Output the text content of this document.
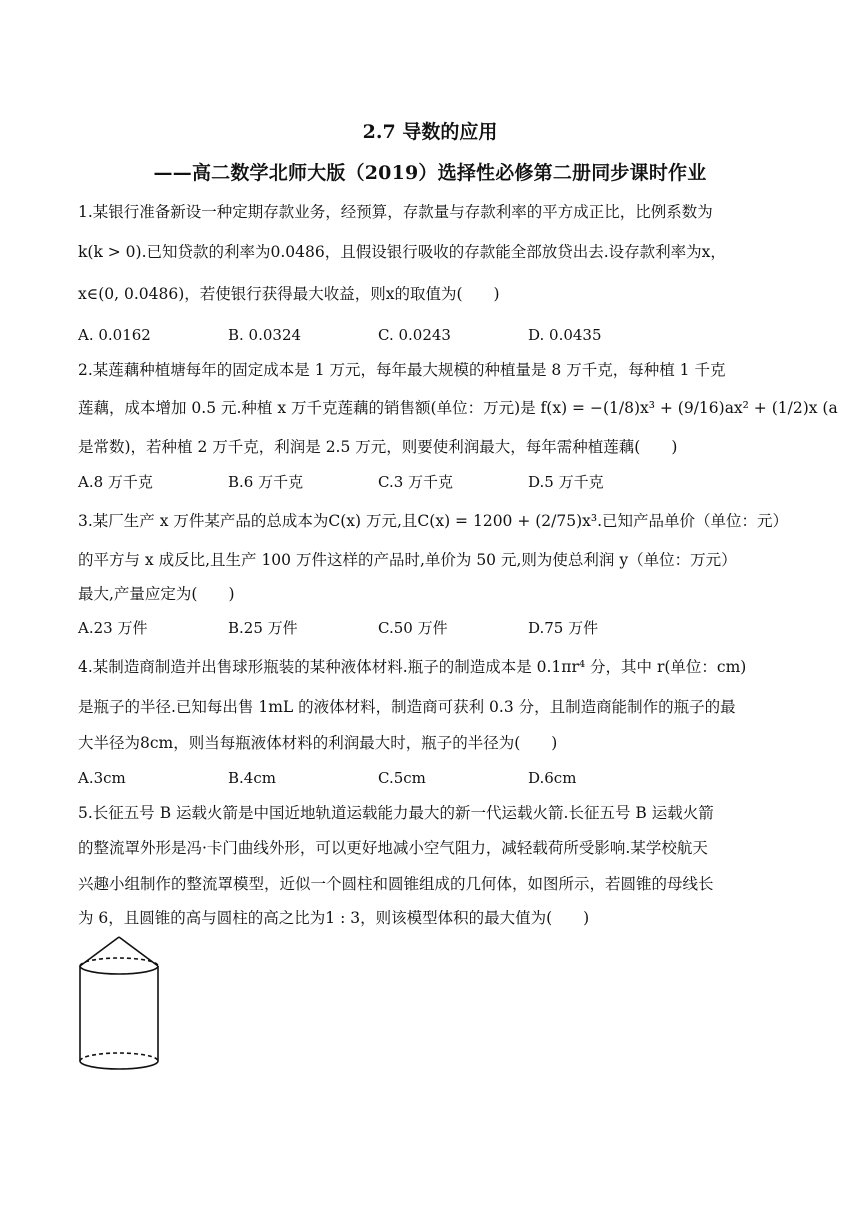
2.7 导数的应用
——高二数学北师大版（2019）选择性必修第二册同步课时作业
1.某银行准备新设一种定期存款业务，经预算，存款量与存款利率的平方成正比，比例系数为
k(k > 0).已知贷款的利率为0.0486，且假设银行吸收的存款能全部放贷出去.设存款利率为x，
x∈(0, 0.0486)，若使银行获得最大收益，则x的取值为(　　)
A. 0.0162	B. 0.0324	C. 0.0243	D. 0.0435
2.某莲藕种植塘每年的固定成本是 1 万元，每年最大规模的种植量是 8 万千克，每种植 1 千克
莲藕，成本增加 0.5 元.种植 x 万千克莲藕的销售额(单位：万元)是 f(x) = −(1/8)x³ + (9/16)ax² + (1/2)x (a
是常数)，若种植 2 万千克，利润是 2.5 万元，则要使利润最大，每年需种植莲藕(　　)
A.8 万千克	B.6 万千克	C.3 万千克	D.5 万千克
3.某厂生产 x 万件某产品的总成本为C(x) 万元,且C(x) = 1200 + (2/75)x³.已知产品单价（单位：元）
的平方与 x 成反比,且生产 100 万件这样的产品时,单价为 50 元,则为使总利润 y（单位：万元）
最大,产量应定为(　　)
A.23 万件	B.25 万件	C.50 万件	D.75 万件
4.某制造商制造并出售球形瓶装的某种液体材料.瓶子的制造成本是 0.1πr⁴ 分，其中 r(单位：cm)
是瓶子的半径.已知每出售 1mL 的液体材料，制造商可获利 0.3 分，且制造商能制作的瓶子的最
大半径为8cm，则当每瓶液体材料的利润最大时，瓶子的半径为(　　)
A.3cm	B.4cm	C.5cm	D.6cm
5.长征五号 B 运载火箭是中国近地轨道运载能力最大的新一代运载火箭.长征五号 B 运载火箭
的整流罩外形是冯·卡门曲线外形，可以更好地减小空气阻力，减轻载荷所受影响.某学校航天
兴趣小组制作的整流罩模型，近似一个圆柱和圆锥组成的几何体，如图所示，若圆锥的母线长
为 6，且圆锥的高与圆柱的高之比为1 : 3，则该模型体积的最大值为(　　)
